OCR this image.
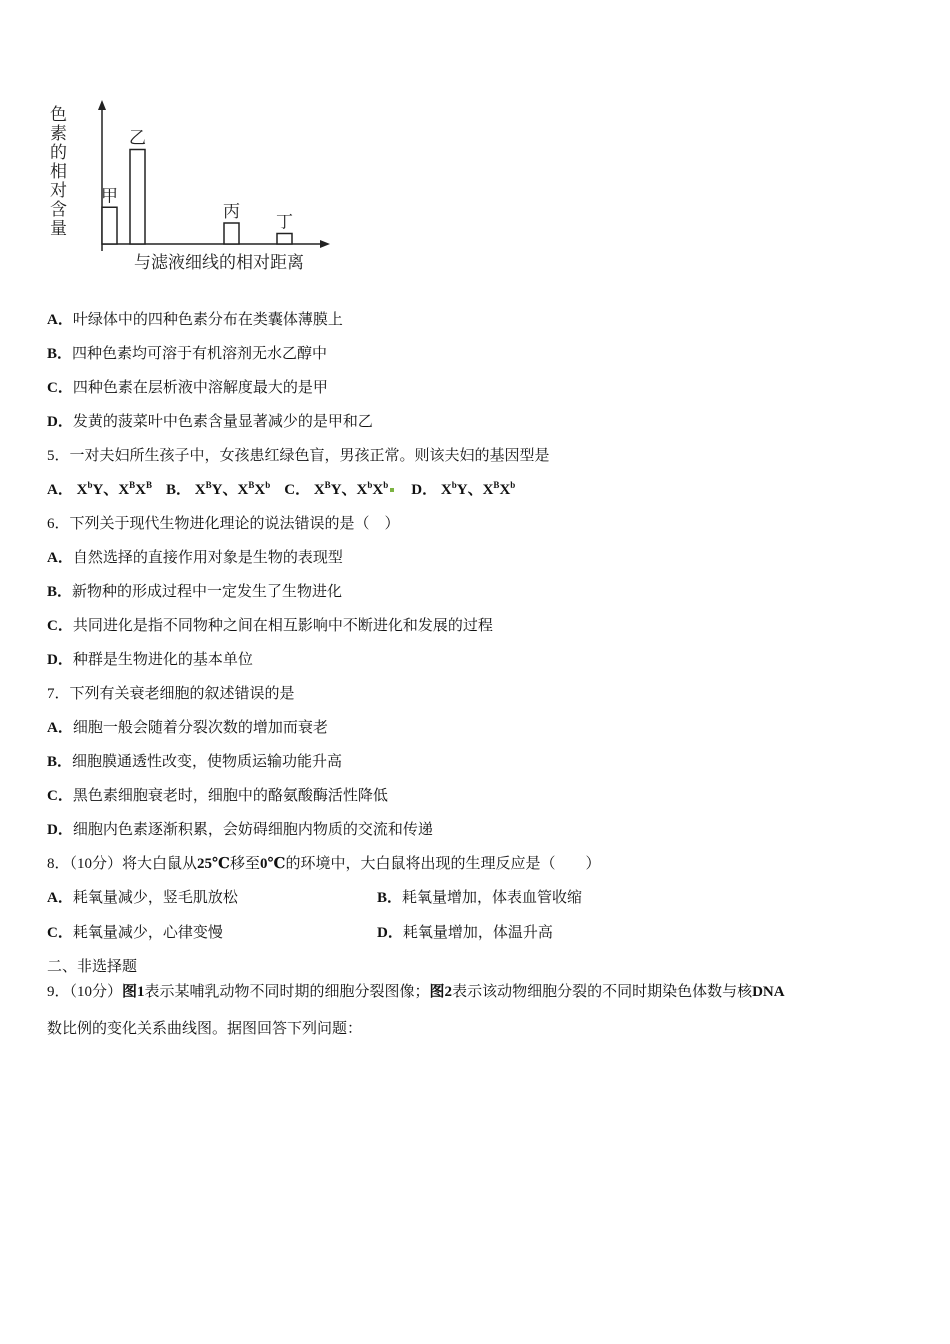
色素的相对含量
与滤液细线的相对距离
甲
乙
丙
丁
A．叶绿体中的四种色素分布在类囊体薄膜上
B．四种色素均可溶于有机溶剂无水乙醇中
C．四种色素在层析液中溶解度最大的是甲
D．发黄的菠菜叶中色素含量显著减少的是甲和乙
5．一对夫妇所生孩子中，女孩患红绿色盲，男孩正常。则该夫妇的基因型是
A． $X^bY$、$X^BX^B$ B． $X^BY$、$X^BX^b$ C． $X^BY$、$X^bX^b$ D． $X^bY$、$X^BX^b$
6．下列关于现代生物进化理论的说法错误的是（　）
A．自然选择的直接作用对象是生物的表现型
B．新物种的形成过程中一定发生了生物进化
C．共同进化是指不同物种之间在相互影响中不断进化和发展的过程
D．种群是生物进化的基本单位
7．下列有关衰老细胞的叙述错误的是
A．细胞一般会随着分裂次数的增加而衰老
B．细胞膜通透性改变，使物质运输功能升高
C．黑色素细胞衰老时，细胞中的酪氨酸酶活性降低
D．细胞内色素逐渐积累，会妨碍细胞内物质的交流和传递
8．（10分）将大白鼠从25℃移至0℃的环境中，大白鼠将出现的生理反应是（　　）
A．耗氧量减少，竖毛肌放松	B．耗氧量增加，体表血管收缩
C．耗氧量减少，心律变慢	D．耗氧量增加，体温升高
二、非选择题
9．（10分）图1表示某哺乳动物不同时期的细胞分裂图像；图2表示该动物细胞分裂的不同时期染色体数与核DNA
数比例的变化关系曲线图。据图回答下列问题：
